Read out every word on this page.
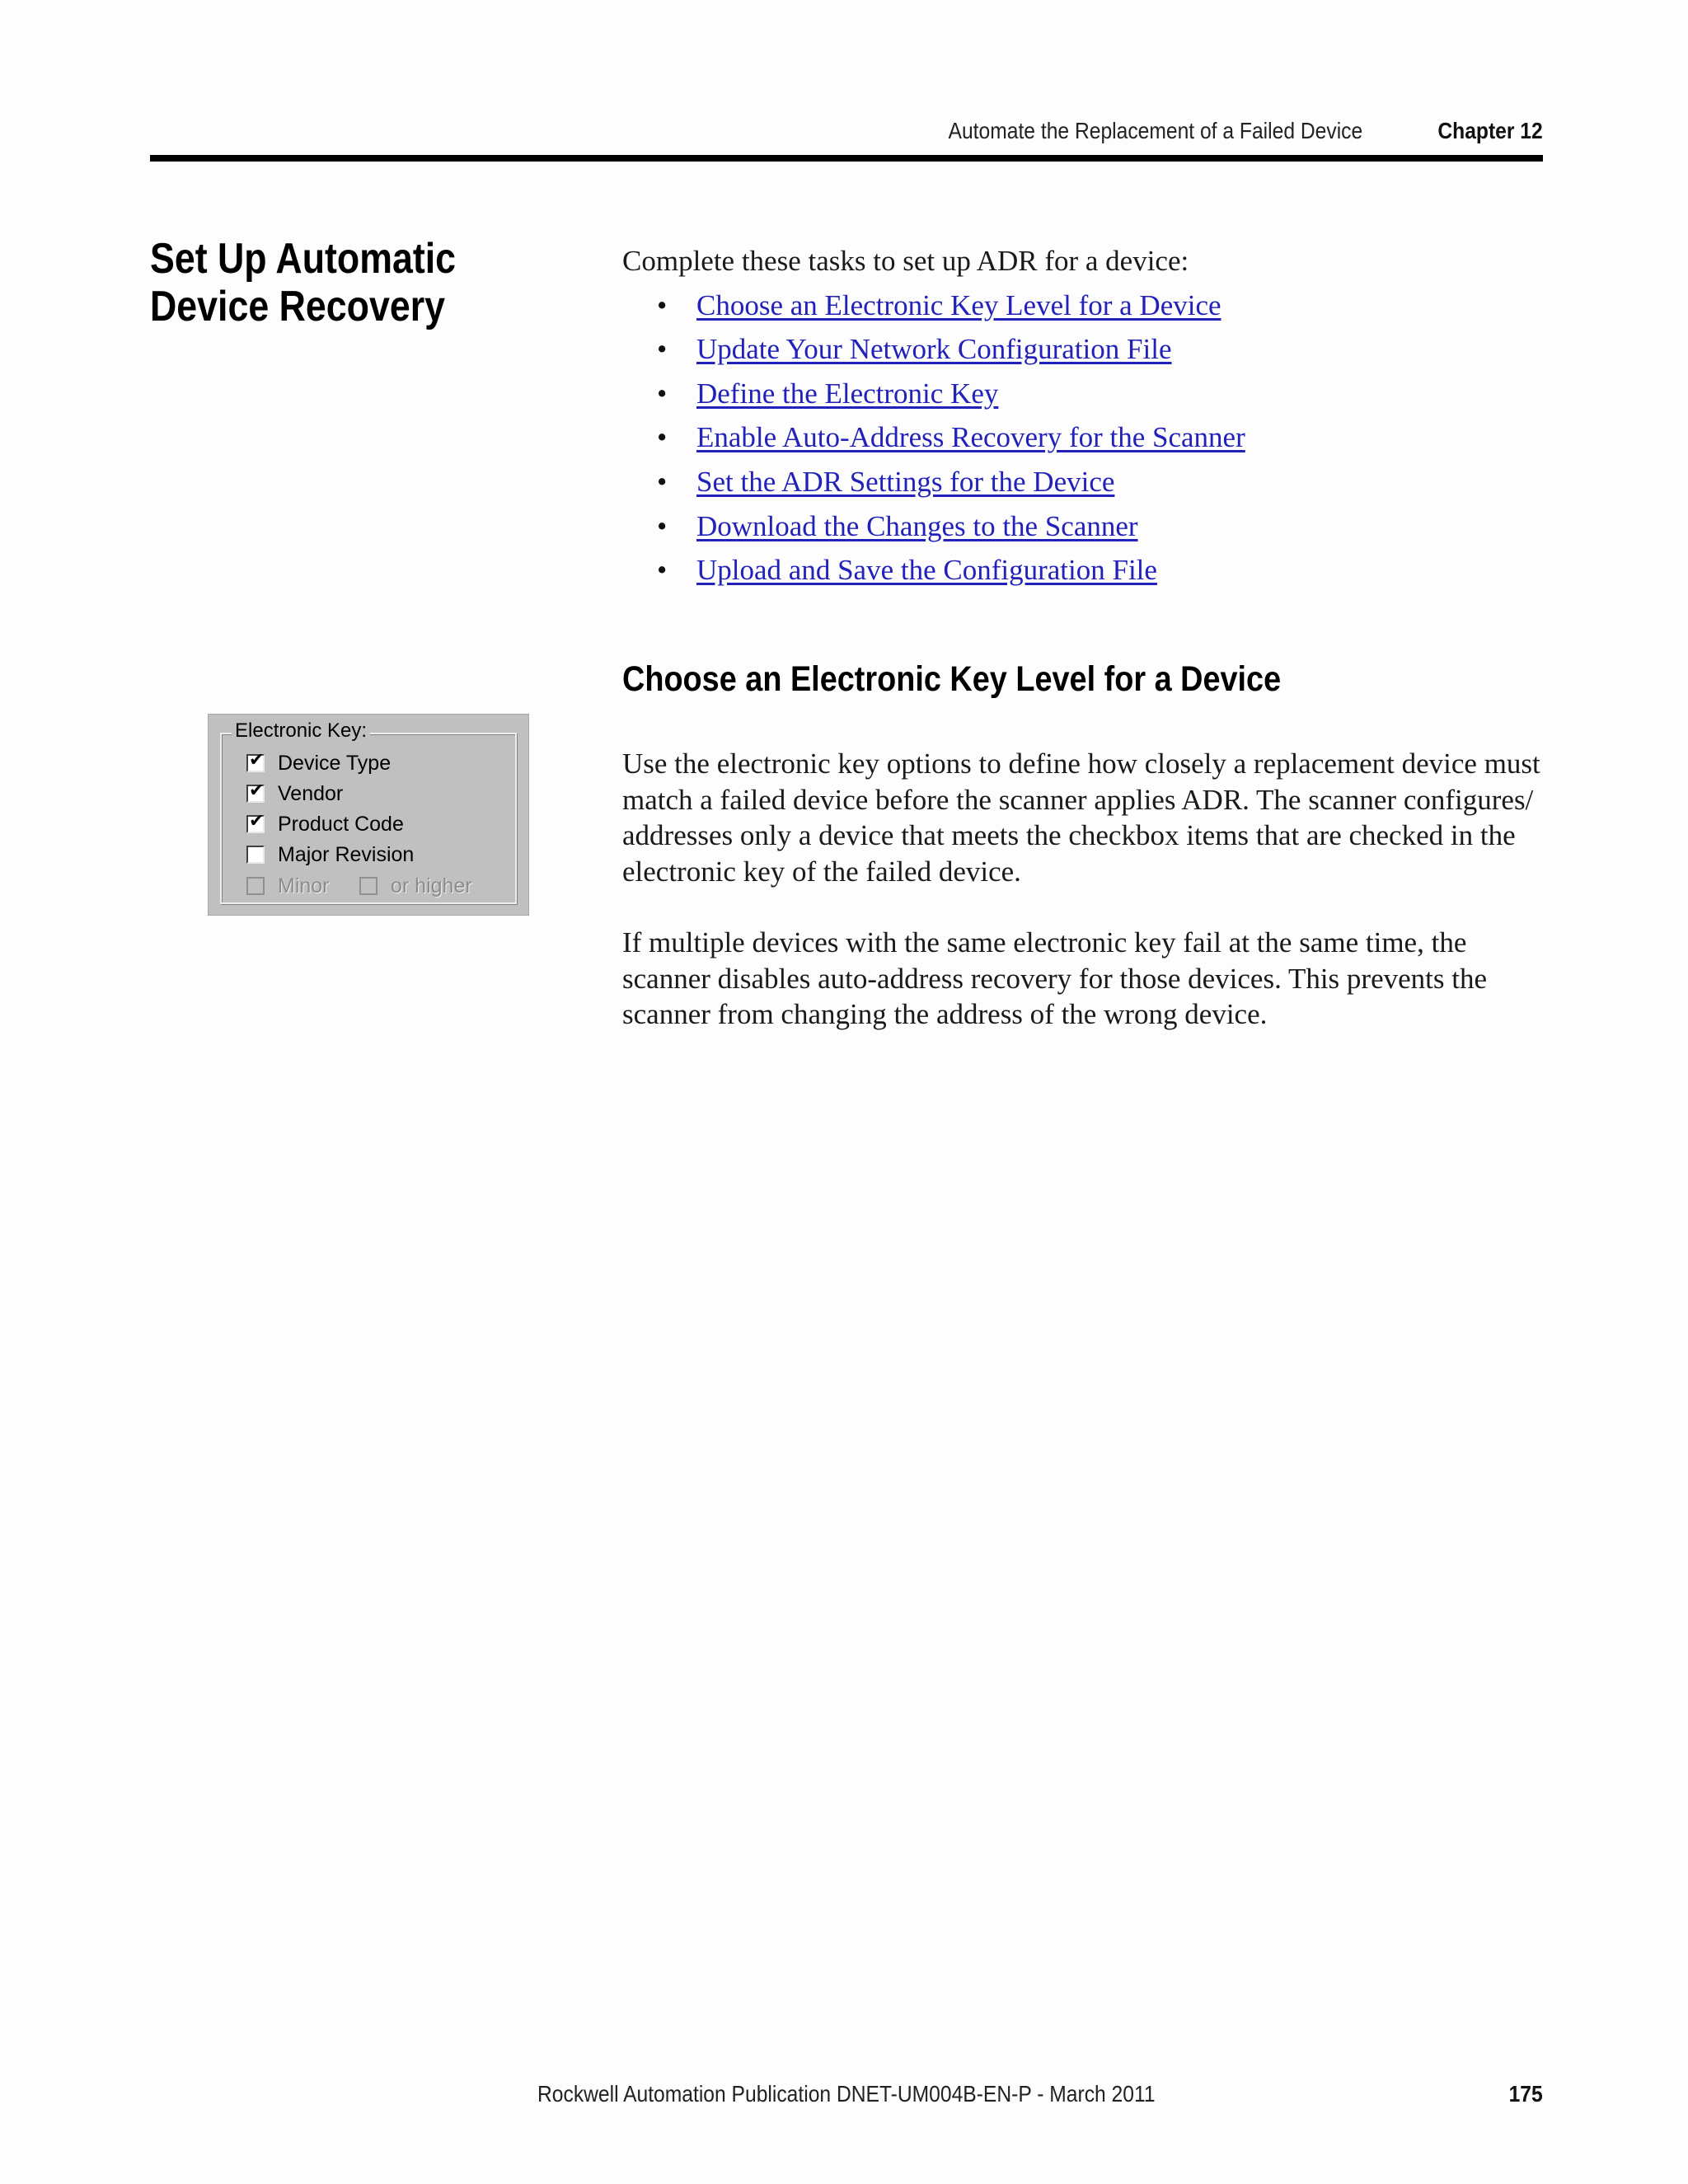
Automate the Replacement of a Failed Device	Chapter 12
Set Up Automatic Device Recovery

Complete these tasks to set up ADR for a device:

• Choose an Electronic Key Level for a Device
• Update Your Network Configuration File
• Define the Electronic Key
• Enable Auto-Address Recovery for the Scanner
• Set the ADR Settings for the Device
• Download the Changes to the Scanner
• Upload and Save the Configuration File
Choose an Electronic Key Level for a Device

Use the electronic key options to define how closely a replacement device must match a failed device before the scanner applies ADR. The scanner configures/ addresses only a device that meets the checkbox items that are checked in the electronic key of the failed device.

If multiple devices with the same electronic key fail at the same time, the scanner disables auto-address recovery for those devices. This prevents the scanner from changing the address of the wrong device.

Electronic Key:
✔ Device Type
✔ Vendor
✔ Product Code
Major Revision
Minor	or higher
Rockwell Automation Publication DNET-UM004B-EN-P - March 2011	175
